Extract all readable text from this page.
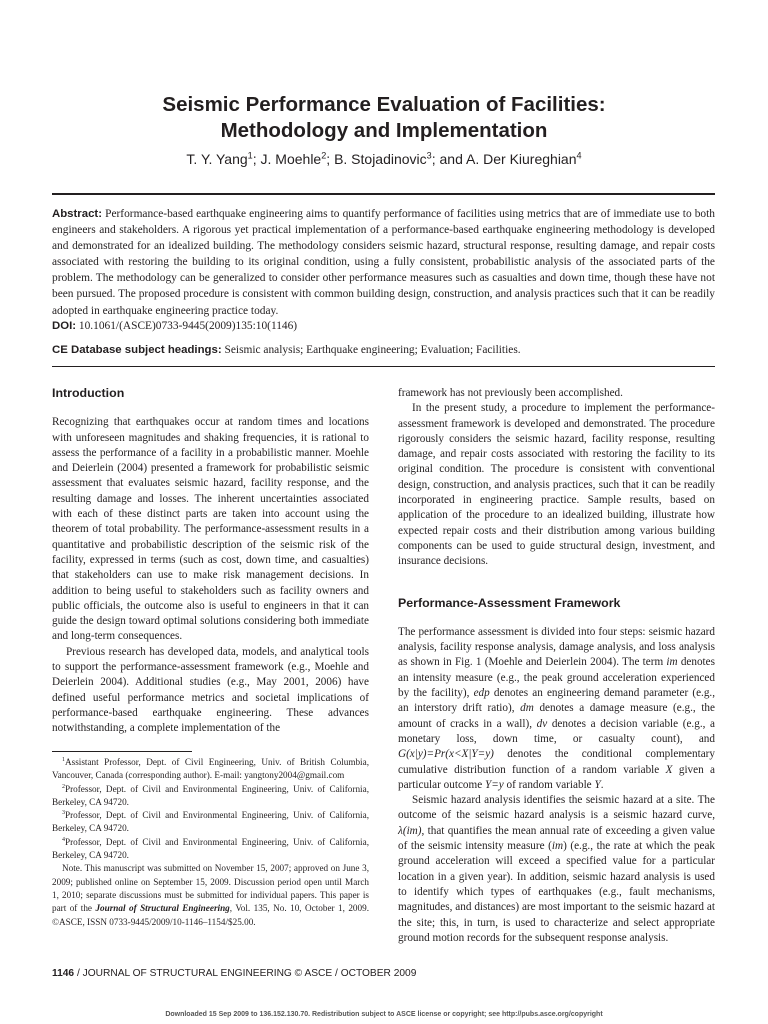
Seismic Performance Evaluation of Facilities:
Methodology and Implementation
T. Y. Yang$^1$; J. Moehle$^2$; B. Stojadinovic$^3$; and A. Der Kiureghian$^4$
Abstract: Performance-based earthquake engineering aims to quantify performance of facilities using metrics that are of immediate use to both engineers and stakeholders. A rigorous yet practical implementation of a performance-based earthquake engineering methodology is developed and demonstrated for an idealized building. The methodology considers seismic hazard, structural response, resulting damage, and repair costs associated with restoring the building to its original condition, using a fully consistent, probabilistic analysis of the associated parts of the problem. The methodology can be generalized to consider other performance measures such as casualties and down time, though these have not been pursued. The proposed procedure is consistent with common building design, construction, and analysis practices such that it can be readily adopted in earthquake engineering practice today.
DOI: 10.1061/(ASCE)0733-9445(2009)135:10(1146)
CE Database subject headings: Seismic analysis; Earthquake engineering; Evaluation; Facilities.
Introduction

Recognizing that earthquakes occur at random times and locations with unforeseen magnitudes and shaking frequencies, it is rational to assess the performance of a facility in a probabilistic manner. Moehle and Deierlein (2004) presented a framework for probabilistic seismic assessment that evaluates seismic hazard, facility response, and the resulting damage and losses. The inherent uncertainties associated with each of these distinct parts are taken into account using the theorem of total probability. The performance-assessment results in a quantitative and probabilistic description of the seismic risk of the facility, expressed in terms (such as cost, down time, and casualties) that stakeholders can use to make risk management decisions. In addition to being useful to stakeholders such as facility owners and public officials, the outcome also is useful to engineers in that it can guide the design toward optimal solutions considering both immediate and long-term consequences.

Previous research has developed data, models, and analytical tools to support the performance-assessment framework (e.g., Moehle and Deierlein 2004). Additional studies (e.g., May 2001, 2006) have defined useful performance metrics and societal implications of performance-based earthquake engineering. These advances notwithstanding, a complete implementation of the

$^1$Assistant Professor, Dept. of Civil Engineering, Univ. of British Columbia, Vancouver, Canada (corresponding author). E-mail: yangtony2004@gmail.com

$^2$Professor, Dept. of Civil and Environmental Engineering, Univ. of California, Berkeley, CA 94720.

$^3$Professor, Dept. of Civil and Environmental Engineering, Univ. of California, Berkeley, CA 94720.

$^4$Professor, Dept. of Civil and Environmental Engineering, Univ. of California, Berkeley, CA 94720.

Note. This manuscript was submitted on November 15, 2007; approved on June 3, 2009; published online on September 15, 2009. Discussion period open until March 1, 2010; separate discussions must be submitted for individual papers. This paper is part of the Journal of Structural Engineering, Vol. 135, No. 10, October 1, 2009. ©ASCE, ISSN 0733-9445/2009/10-1146–1154/$25.00.

framework has not previously been accomplished.

In the present study, a procedure to implement the performance-assessment framework is developed and demonstrated. The procedure rigorously considers the seismic hazard, facility response, resulting damage, and repair costs associated with restoring the facility to its original condition. The procedure is consistent with conventional design, construction, and analysis practices, such that it can be readily incorporated in engineering practice. Sample results, based on application of the procedure to an idealized building, illustrate how expected repair costs and their distribution among various building components can be used to guide structural design, investment, and insurance decisions.

Performance-Assessment Framework

The performance assessment is divided into four steps: seismic hazard analysis, facility response analysis, damage analysis, and loss analysis as shown in Fig. 1 (Moehle and Deierlein 2004). The term im denotes an intensity measure (e.g., the peak ground acceleration experienced by the facility), edp denotes an engineering demand parameter (e.g., an interstory drift ratio), dm denotes a damage measure (e.g., the amount of cracks in a wall), dv denotes a decision variable (e.g., a monetary loss, down time, or casualty count), and G(x|y)=Pr(x<X|Y=y) denotes the conditional complementary cumulative distribution function of a random variable X given a particular outcome Y=y of random variable Y.

Seismic hazard analysis identifies the seismic hazard at a site. The outcome of the seismic hazard analysis is a seismic hazard curve, λ(im), that quantifies the mean annual rate of exceeding a given value of the seismic intensity measure (im) (e.g., the rate at which the peak ground acceleration will exceed a specified value for a particular location in a given year). In addition, seismic hazard analysis is used to identify which types of earthquakes (e.g., fault mechanisms, magnitudes, and distances) are most important to the seismic hazard at the site; this, in turn, is used to characterize and select appropriate ground motion records for the subsequent response analysis.

1146 / JOURNAL OF STRUCTURAL ENGINEERING © ASCE / OCTOBER 2009
Downloaded 15 Sep 2009 to 136.152.130.70. Redistribution subject to ASCE license or copyright; see http://pubs.asce.org/copyright
